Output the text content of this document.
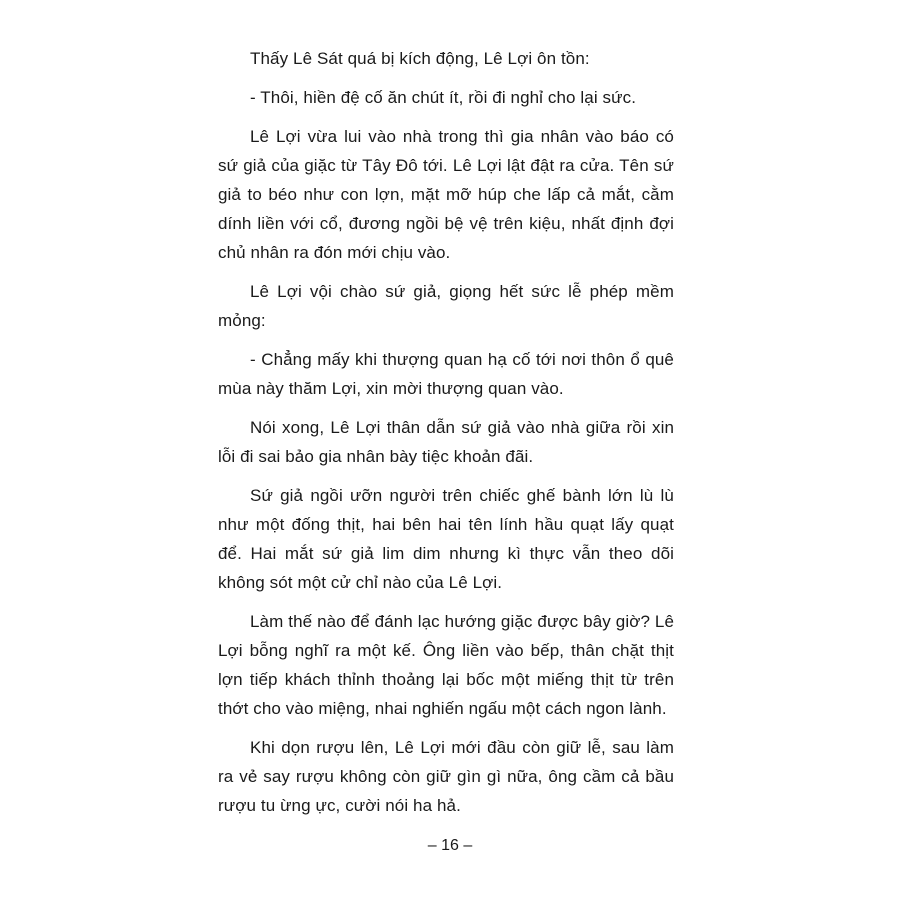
Thấy Lê Sát quá bị kích động, Lê Lợi ôn tồn:

- Thôi, hiền đệ cố ăn chút ít, rồi đi nghỉ cho lại sức.

Lê Lợi vừa lui vào nhà trong thì gia nhân vào báo có sứ giả của giặc từ Tây Đô tới. Lê Lợi lật đật ra cửa. Tên sứ giả to béo như con lợn, mặt mỡ húp che lấp cả mắt, cằm dính liền với cổ, đương ngồi bệ vệ trên kiệu, nhất định đợi chủ nhân ra đón mới chịu vào.

Lê Lợi vội chào sứ giả, giọng hết sức lễ phép mềm mỏng:

- Chẳng mấy khi thượng quan hạ cố tới nơi thôn ổ quê mùa này thăm Lợi, xin mời thượng quan vào.

Nói xong, Lê Lợi thân dẫn sứ giả vào nhà giữa rồi xin lỗi đi sai bảo gia nhân bày tiệc khoản đãi.

Sứ giả ngồi ưỡn người trên chiếc ghế bành lớn lù lù như một đống thịt, hai bên hai tên lính hầu quạt lấy quạt để. Hai mắt sứ giả lim dim nhưng kì thực vẫn theo dõi không sót một cử chỉ nào của Lê Lợi.

Làm thế nào để đánh lạc hướng giặc được bây giờ? Lê Lợi bỗng nghĩ ra một kế. Ông liền vào bếp, thân chặt thịt lợn tiếp khách thỉnh thoảng lại bốc một miếng thịt từ trên thớt cho vào miệng, nhai nghiến ngấu một cách ngon lành.

Khi dọn rượu lên, Lê Lợi mới đầu còn giữ lễ, sau làm ra vẻ say rượu không còn giữ gìn gì nữa, ông cầm cả bầu rượu tu ừng ực, cười nói ha hả.

– 16 –
